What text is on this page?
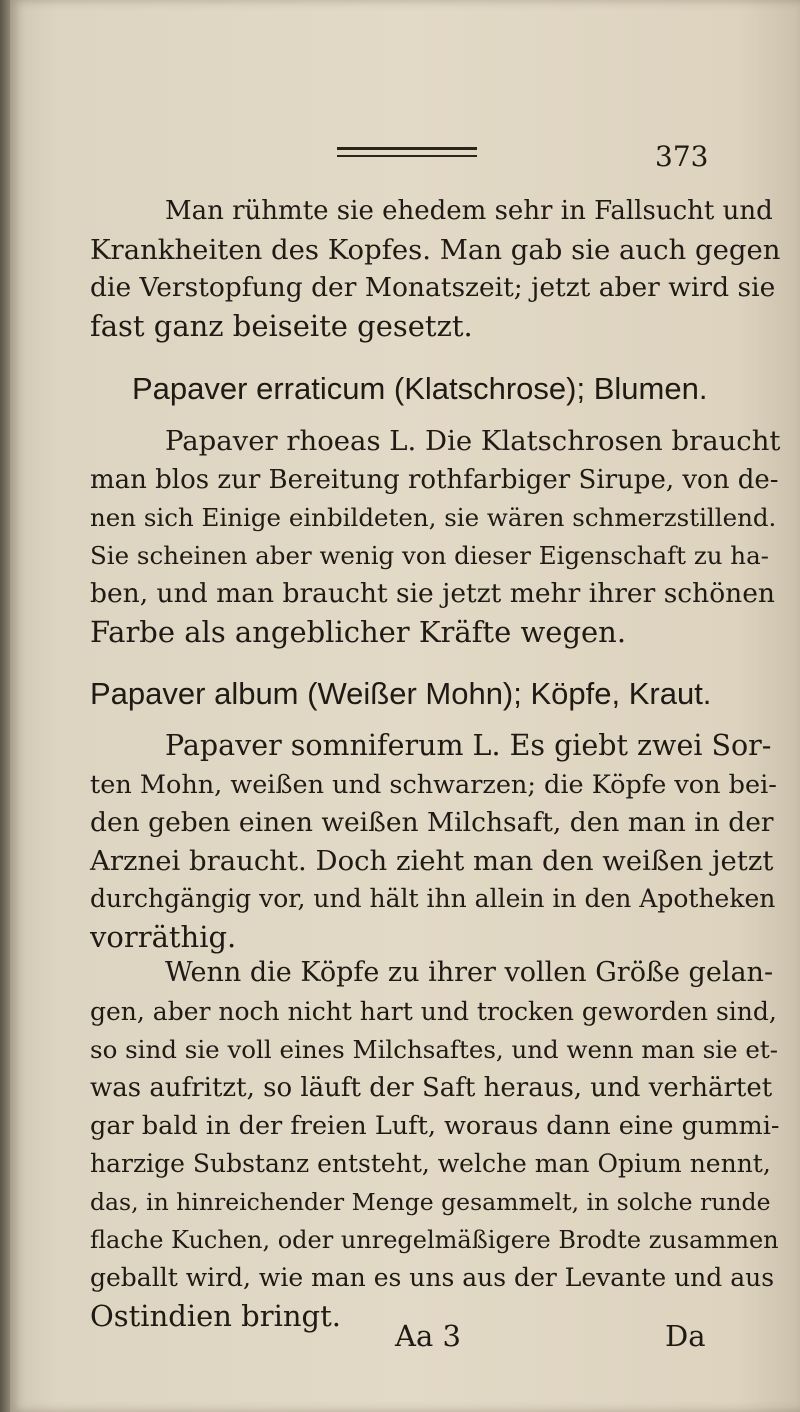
373
Man rühmte sie ehedem sehr in Fallsucht und
Krankheiten des Kopfes. Man gab sie auch gegen
die Verstopfung der Monatszeit; jetzt aber wird sie
fast ganz beiseite gesetzt.
Papaver erraticum (Klatschrose); Blumen.
Papaver rhoeas L. Die Klatschrosen braucht
man blos zur Bereitung rothfarbiger Sirupe, von de-
nen sich Einige einbildeten, sie wären schmerzstillend.
Sie scheinen aber wenig von dieser Eigenschaft zu ha-
ben, und man braucht sie jetzt mehr ihrer schönen
Farbe als angeblicher Kräfte wegen.
Papaver album (Weißer Mohn); Köpfe, Kraut.
Papaver somniferum L. Es giebt zwei Sor-
ten Mohn, weißen und schwarzen; die Köpfe von bei-
den geben einen weißen Milchsaft, den man in der
Arznei braucht. Doch zieht man den weißen jetzt
durchgängig vor, und hält ihn allein in den Apotheken
vorräthig.
Wenn die Köpfe zu ihrer vollen Größe gelan-
gen, aber noch nicht hart und trocken geworden sind,
so sind sie voll eines Milchsaftes, und wenn man sie et-
was aufritzt, so läuft der Saft heraus, und verhärtet
gar bald in der freien Luft, woraus dann eine gummi-
harzige Substanz entsteht, welche man Opium nennt,
das, in hinreichender Menge gesammelt, in solche runde
flache Kuchen, oder unregelmäßigere Brodte zusammen
geballt wird, wie man es uns aus der Levante und aus
Ostindien bringt.
Aa 3	Da
